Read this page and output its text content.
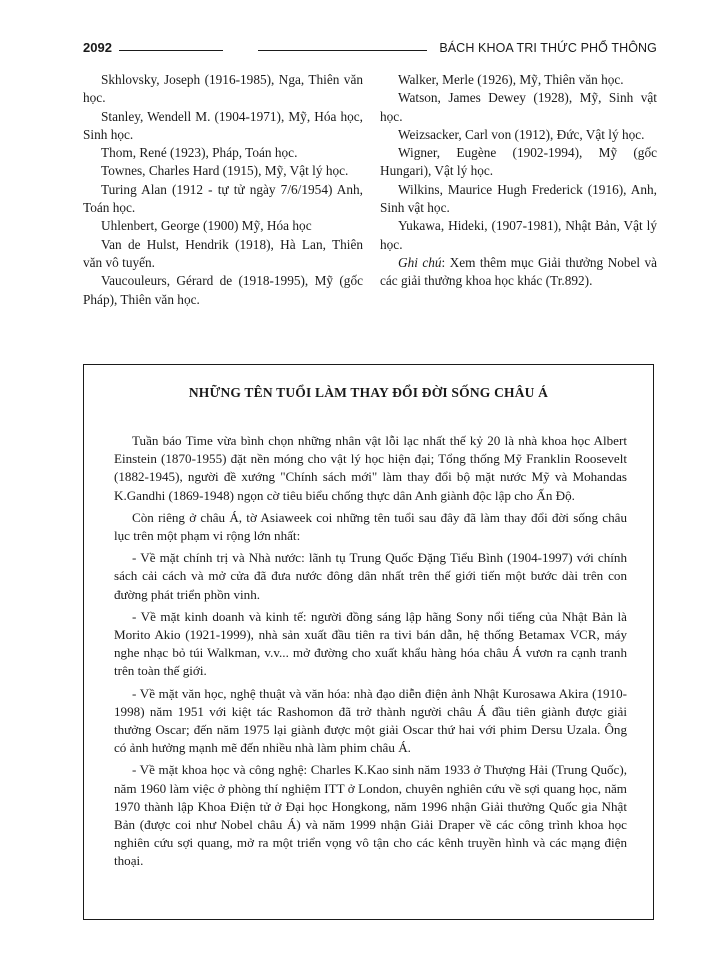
2092	BÁCH KHOA TRI THỨC PHỔ THÔNG
Skhlovsky, Joseph (1916-1985), Nga, Thiên văn học.
Stanley, Wendell M. (1904-1971), Mỹ, Hóa học, Sinh học.
Thom, René (1923), Pháp, Toán học.
Townes, Charles Hard (1915), Mỹ, Vật lý học.
Turing Alan (1912 - tự tử ngày 7/6/1954) Anh, Toán học.
Uhlenbert, George (1900) Mỹ, Hóa học
Van de Hulst, Hendrik (1918), Hà Lan, Thiên văn vô tuyến.
Vaucouleurs, Gérard de (1918-1995), Mỹ (gốc Pháp), Thiên văn học.
Walker, Merle (1926), Mỹ, Thiên văn học.
Watson, James Dewey (1928), Mỹ, Sinh vật học.
Weizsacker, Carl von (1912), Đức, Vật lý học.
Wigner, Eugène (1902-1994), Mỹ (gốc Hungari), Vật lý học.
Wilkins, Maurice Hugh Frederick (1916), Anh, Sinh vật học.
Yukawa, Hideki, (1907-1981), Nhật Bản, Vật lý học.
Ghi chú: Xem thêm mục Giải thưởng Nobel và các giải thưởng khoa học khác (Tr.892).
NHỮNG TÊN TUỔI LÀM THAY ĐỔI ĐỜI SỐNG CHÂU Á

Tuần báo Time vừa bình chọn những nhân vật lỗi lạc nhất thế kỷ 20 là nhà khoa học Albert Einstein (1870-1955) đặt nền móng cho vật lý học hiện đại; Tổng thống Mỹ Franklin Roosevelt (1882-1945), người đề xướng "Chính sách mới" làm thay đổi bộ mặt nước Mỹ và Mohandas K.Gandhi (1869-1948) ngọn cờ tiêu biểu chống thực dân Anh giành độc lập cho Ấn Độ.

Còn riêng ở châu Á, tờ Asiaweek coi những tên tuổi sau đây đã làm thay đổi đời sống châu lục trên một phạm vi rộng lớn nhất:

- Về mặt chính trị và Nhà nước: lãnh tụ Trung Quốc Đặng Tiểu Bình (1904-1997) với chính sách cải cách và mở cửa đã đưa nước đông dân nhất trên thế giới tiến một bước dài trên con đường phát triển phồn vinh.

- Về mặt kinh doanh và kinh tế: người đồng sáng lập hãng Sony nổi tiếng của Nhật Bản là Morito Akio (1921-1999), nhà sản xuất đầu tiên ra tivi bán dẫn, hệ thống Betamax VCR, máy nghe nhạc bỏ túi Walkman, v.v... mở đường cho xuất khẩu hàng hóa châu Á vươn ra cạnh tranh trên toàn thế giới.

- Về mặt văn học, nghệ thuật và văn hóa: nhà đạo diễn điện ảnh Nhật Kurosawa Akira (1910-1998) năm 1951 với kiệt tác Rashomon đã trở thành người châu Á đầu tiên giành được giải thưởng Oscar; đến năm 1975 lại giành được một giải Oscar thứ hai với phim Dersu Uzala. Ông có ảnh hưởng mạnh mẽ đến nhiều nhà làm phim châu Á.

- Về mặt khoa học và công nghệ: Charles K.Kao sinh năm 1933 ở Thượng Hải (Trung Quốc), năm 1960 làm việc ở phòng thí nghiệm ITT ở London, chuyên nghiên cứu về sợi quang học, năm 1970 thành lập Khoa Điện tử ở Đại học Hongkong, năm 1996 nhận Giải thưởng Quốc gia Nhật Bản (được coi như Nobel châu Á) và năm 1999 nhận Giải Draper về các công trình khoa học nghiên cứu sợi quang, mở ra một triển vọng vô tận cho các kênh truyền hình và các mạng điện thoại.
